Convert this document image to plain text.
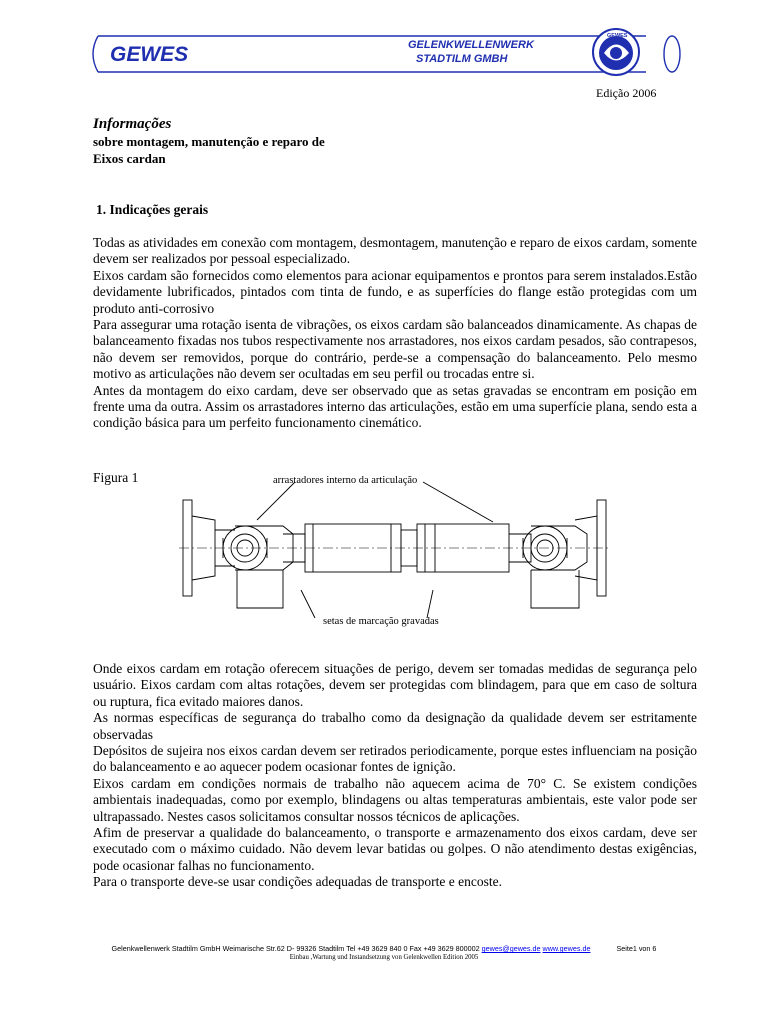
GEWES	GELENKWELLENWERK
STADTILM GMBH
GEWES
Edição 2006
Informações
sobre montagem, manutenção e reparo de
Eixos cardan
1. Indicações gerais

Todas as atividades em conexão com montagem, desmontagem, manutenção e reparo de eixos cardam, somente devem ser realizados por pessoal especializado.

Eixos cardam são fornecidos como elementos para acionar equipamentos e prontos para serem instalados.Estão devidamente lubrificados, pintados com tinta de fundo, e as superfícies do flange estão protegidas com um produto anti-corrosivo

Para assegurar uma rotação isenta de vibrações, os eixos cardam são balanceados dinamicamente. As chapas de balanceamento fixadas nos tubos respectivamente nos arrastadores, nos eixos cardam pesados, são contrapesos, não devem ser removidos, porque do contrário, perde-se a compensação do balanceamento. Pelo mesmo motivo as articulações não devem ser ocultadas em seu perfil ou trocadas entre si.

Antes da montagem do eixo cardam, deve ser observado que as setas gravadas se encontram em posição em frente uma da outra. Assim os arrastadores interno das articulações, estão em uma superfície plana, sendo esta a condição básica para um perfeito funcionamento cinemático.

Figura 1	arrastadores interno da articulação
setas de marcação gravadas

Onde eixos cardam em rotação oferecem situações de perigo, devem ser tomadas medidas de segurança pelo usuário. Eixos cardam com altas rotações, devem ser protegidas com blindagem, para que em caso de soltura ou ruptura, fica evitado maiores danos.

As normas específicas de segurança do trabalho como da designação da qualidade devem ser estritamente observadas

Depósitos de sujeira nos eixos cardan devem ser retirados periodicamente, porque estes influenciam na posição do balanceamento e ao aquecer podem ocasionar fontes de ignição.

Eixos cardam em condições normais de trabalho não aquecem acima de 70° C. Se existem condições ambientais inadequadas, como por exemplo, blindagens ou altas temperaturas ambientais, este valor pode ser ultrapassado. Nestes casos solicitamos consultar nossos técnicos de aplicações.

Afim de preservar a qualidade do balanceamento, o transporte e armazenamento dos eixos cardam, deve ser executado com o máximo cuidado. Não devem levar batidas ou golpes. O não atendimento destas exigências, pode ocasionar falhas no funcionamento.

Para o transporte deve-se usar condições adequadas de transporte e encoste.

Gelenkwellenwerk Stadtilm GmbH Weimarische Str.62 D- 99326 Stadtilm Tel +49 3629 840 0 Fax +49 3629 800002 gewes@gewes.de www.gewes.de	Seite1 von 6
Einbau ,Wartung und Instandsetzung von Gelenkwellen Edition 2005
